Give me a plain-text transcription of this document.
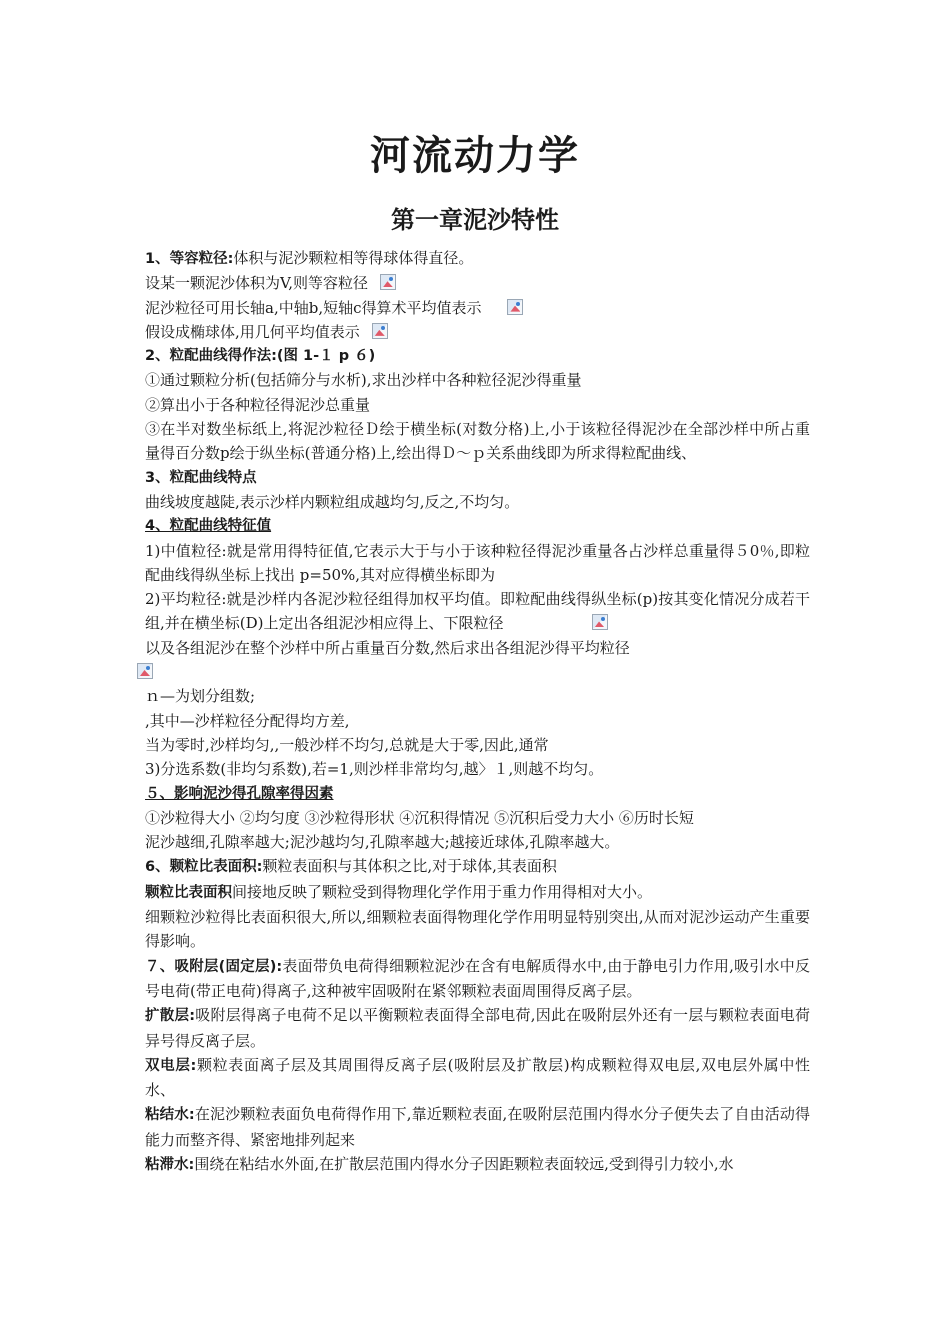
河流动力学
第一章泥沙特性
1、等容粒径:体积与泥沙颗粒相等得球体得直径。
设某一颗泥沙体积为V,则等容粒径
泥沙粒径可用长轴a,中轴b,短轴c得算术平均值表示
假设成椭球体,用几何平均值表示
2、粒配曲线得作法:(图 1-１ p ６)
①通过颗粒分析(包括筛分与水析),求出沙样中各种粒径泥沙得重量
②算出小于各种粒径得泥沙总重量
③在半对数坐标纸上,将泥沙粒径Ｄ绘于横坐标(对数分格)上,小于该粒径得泥沙在全部沙样中所占重量得百分数p绘于纵坐标(普通分格)上,绘出得Ｄ～ｐ关系曲线即为所求得粒配曲线、
3、粒配曲线特点
曲线坡度越陡,表示沙样内颗粒组成越均匀,反之,不均匀。
4、粒配曲线特征值
1)中值粒径:就是常用得特征值,它表示大于与小于该种粒径得泥沙重量各占沙样总重量得５0％,即粒配曲线得纵坐标上找出 p=50%,其对应得横坐标即为
2)平均粒径:就是沙样内各泥沙粒径组得加权平均值。即粒配曲线得纵坐标(p)按其变化情况分成若干组,并在横坐标(D)上定出各组泥沙相应得上、下限粒径
以及各组泥沙在整个沙样中所占重量百分数,然后求出各组泥沙得平均粒径
ｎ—为划分组数;
,其中—沙样粒径分配得均方差,
当为零时,沙样均匀,,一般沙样不均匀,总就是大于零,因此,通常
3)分选系数(非均匀系数),若=1,则沙样非常均匀,越〉１,则越不均匀。
５、影响泥沙得孔隙率得因素
①沙粒得大小 ②均匀度 ③沙粒得形状 ④沉积得情况 ⑤沉积后受力大小 ⑥历时长短
泥沙越细,孔隙率越大;泥沙越均匀,孔隙率越大;越接近球体,孔隙率越大。
6、颗粒比表面积:颗粒表面积与其体积之比,对于球体,其表面积
颗粒比表面积间接地反映了颗粒受到得物理化学作用于重力作用得相对大小。
细颗粒沙粒得比表面积很大,所以,细颗粒表面得物理化学作用明显特别突出,从而对泥沙运动产生重要得影响。
７、吸附层(固定层):表面带负电荷得细颗粒泥沙在含有电解质得水中,由于静电引力作用,吸引水中反号电荷(带正电荷)得离子,这种被牢固吸附在紧邻颗粒表面周围得反离子层。
扩散层:吸附层得离子电荷不足以平衡颗粒表面得全部电荷,因此在吸附层外还有一层与颗粒表面电荷异号得反离子层。
双电层:颗粒表面离子层及其周围得反离子层(吸附层及扩散层)构成颗粒得双电层,双电层外属中性水、
粘结水:在泥沙颗粒表面负电荷得作用下,靠近颗粒表面,在吸附层范围内得水分子便失去了自由活动得能力而整齐得、紧密地排列起来
粘滞水:围绕在粘结水外面,在扩散层范围内得水分子因距颗粒表面较远,受到得引力较小,水
